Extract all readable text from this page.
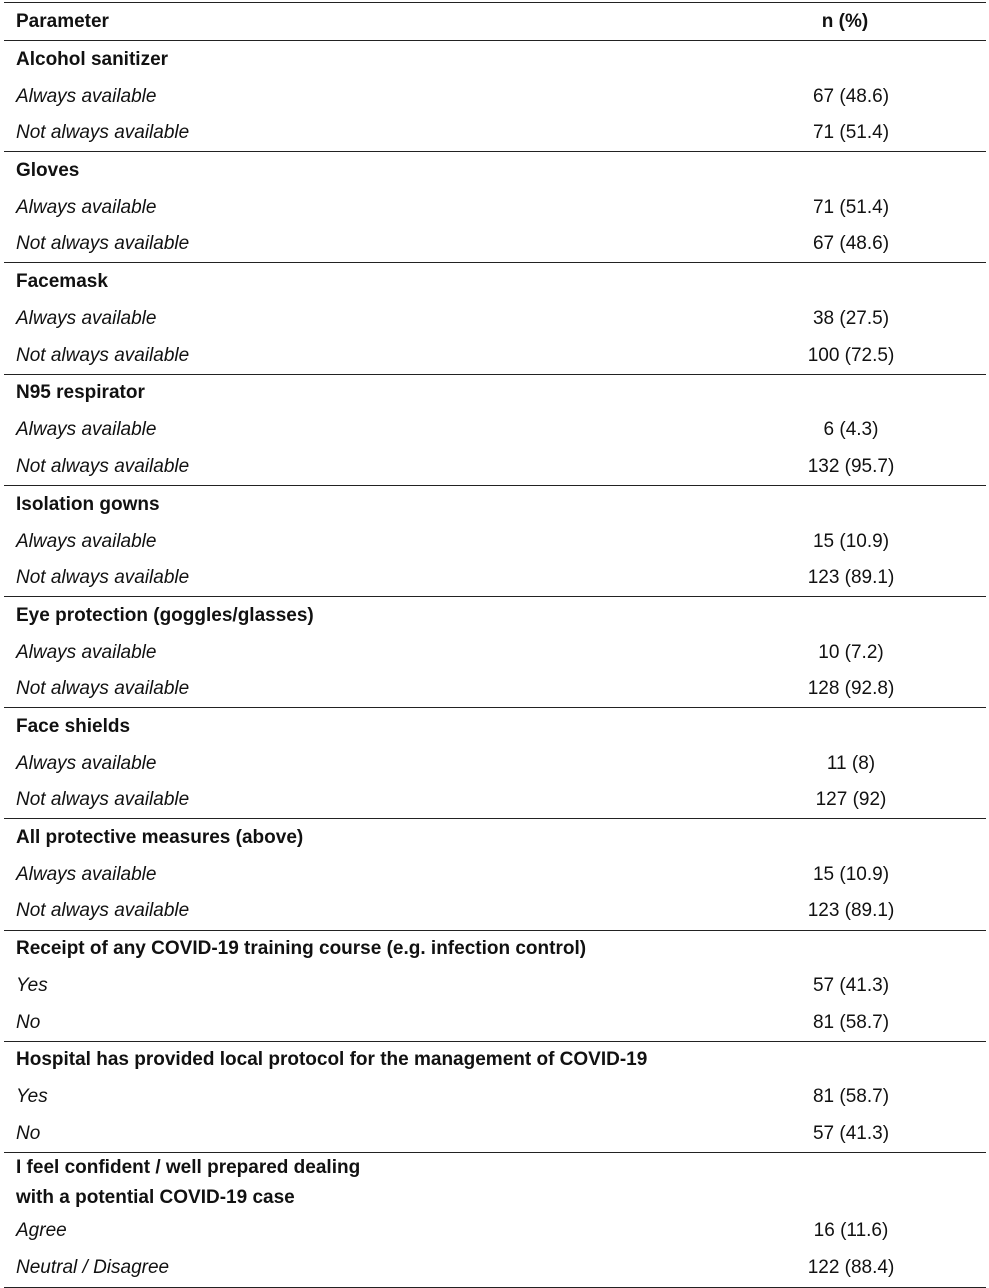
Parameter	n (%)
Alcohol sanitizer	
Always available	67 (48.6)
Not always available	71 (51.4)
Gloves	
Always available	71 (51.4)
Not always available	67 (48.6)
Facemask	
Always available	38 (27.5)
Not always available	100 (72.5)
N95 respirator	
Always available	6 (4.3)
Not always available	132 (95.7)
Isolation gowns	
Always available	15 (10.9)
Not always available	123 (89.1)
Eye protection (goggles/glasses)	
Always available	10 (7.2)
Not always available	128 (92.8)
Face shields	
Always available	11 (8)
Not always available	127 (92)
All protective measures (above)	
Always available	15 (10.9)
Not always available	123 (89.1)
Receipt of any COVID-19 training course (e.g. infection control)	
Yes	57 (41.3)
No	81 (58.7)
Hospital has provided local protocol for the management of COVID-19	
Yes	81 (58.7)
No	57 (41.3)
I feel confident / well prepared dealing with a potential COVID-19 case	
Agree	16 (11.6)
Neutral / Disagree	122 (88.4)
